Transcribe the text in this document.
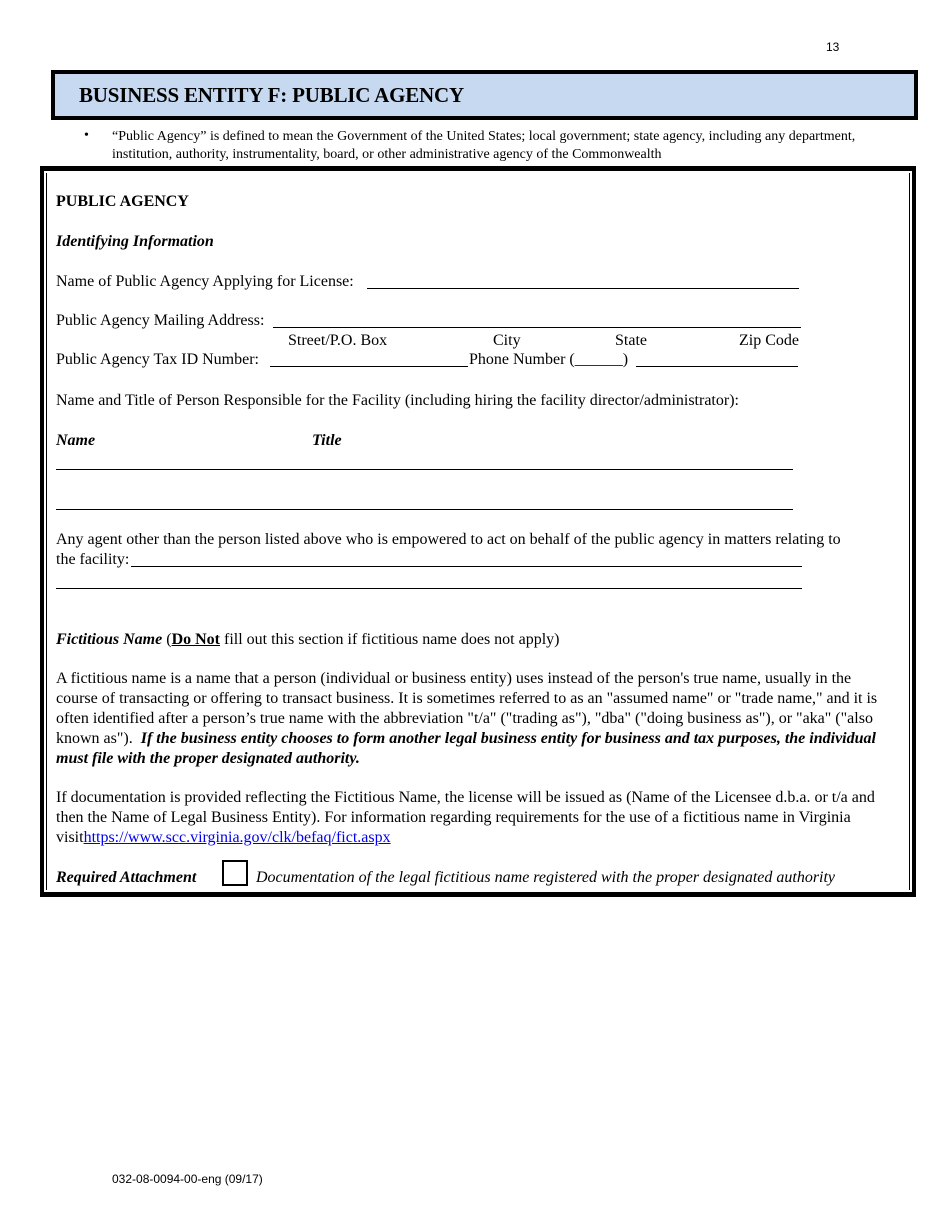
13
BUSINESS ENTITY F: PUBLIC AGENCY
• “Public Agency” is defined to mean the Government of the United States; local government; state agency, including any department, institution, authority, instrumentality, board, or other administrative agency of the Commonwealth
PUBLIC AGENCY
Identifying Information
Name of Public Agency Applying for License:
Public Agency Mailing Address:
Street/P.O. Box	City	State	Zip Code
Public Agency Tax ID Number:	Phone Number (______)
Name and Title of Person Responsible for the Facility (including hiring the facility director/administrator):
Name	Title
Any agent other than the person listed above who is empowered to act on behalf of the public agency in matters relating to
the facility:
Fictitious Name (Do Not fill out this section if fictitious name does not apply)
A fictitious name is a name that a person (individual or business entity) uses instead of the person's true name, usually in the course of transacting or offering to transact business. It is sometimes referred to as an "assumed name" or "trade name," and it is often identified after a person’s true name with the abbreviation "t/a" ("trading as"), "dba" ("doing business as"), or "aka" ("also known as"). If the business entity chooses to form another legal business entity for business and tax purposes, the individual must file with the proper designated authority.
If documentation is provided reflecting the Fictitious Name, the license will be issued as (Name of the Licensee d.b.a. or t/a and then the Name of Legal Business Entity). For information regarding requirements for the use of a fictitious name in Virginia visithttps://www.scc.virginia.gov/clk/befaq/fict.aspx
Required Attachment	Documentation of the legal fictitious name registered with the proper designated authority
032-08-0094-00-eng (09/17)
